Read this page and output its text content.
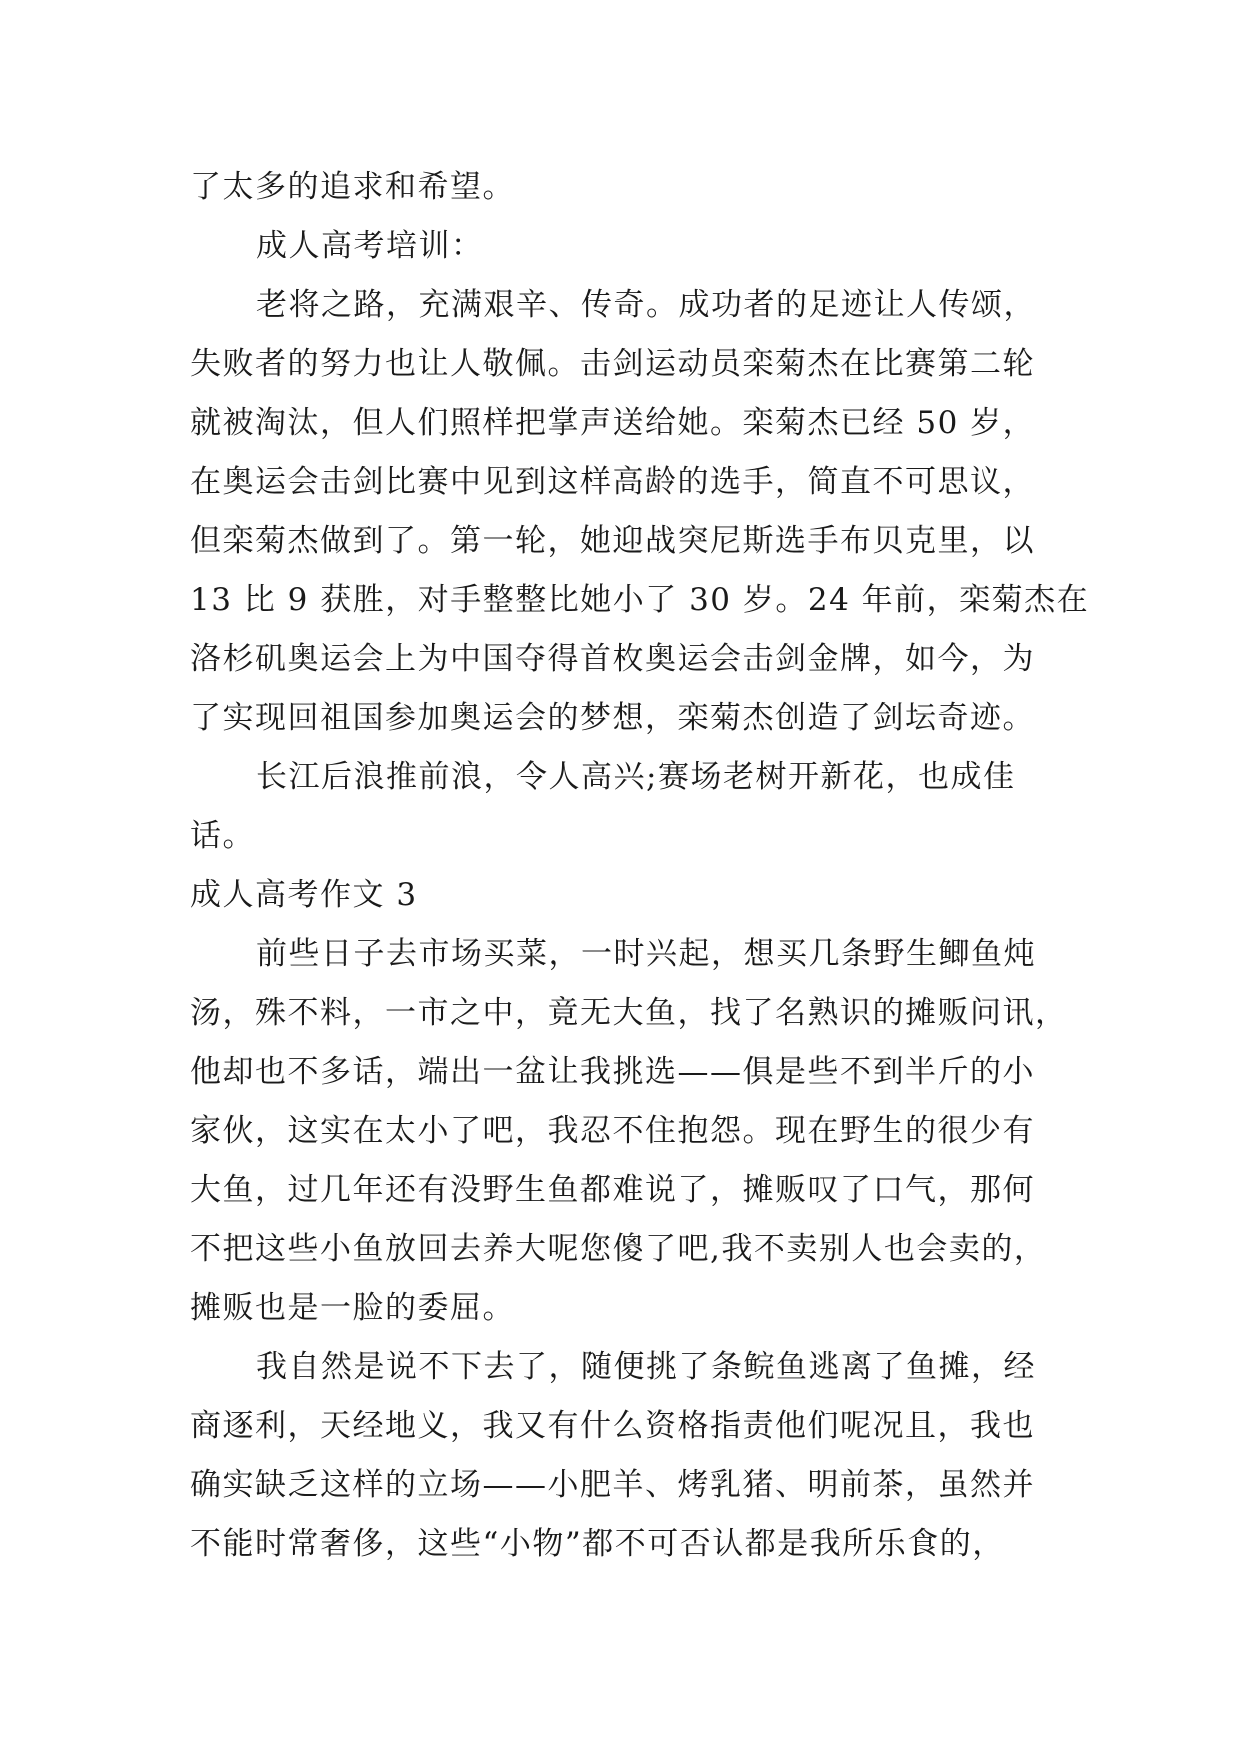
了太多的追求和希望。
成人高考培训：
老将之路，充满艰辛、传奇。成功者的足迹让人传颂，
失败者的努力也让人敬佩。击剑运动员栾菊杰在比赛第二轮
就被淘汰，但人们照样把掌声送给她。栾菊杰已经 50 岁，
在奥运会击剑比赛中见到这样高龄的选手，简直不可思议，
但栾菊杰做到了。第一轮，她迎战突尼斯选手布贝克里，以
13 比 9 获胜，对手整整比她小了 30 岁。24 年前，栾菊杰在
洛杉矶奥运会上为中国夺得首枚奥运会击剑金牌，如今，为
了实现回祖国参加奥运会的梦想，栾菊杰创造了剑坛奇迹。
长江后浪推前浪，令人高兴;赛场老树开新花，也成佳
话。
成人高考作文 3
前些日子去市场买菜，一时兴起，想买几条野生鲫鱼炖
汤，殊不料，一市之中，竟无大鱼，找了名熟识的摊贩问讯，
他却也不多话，端出一盆让我挑选——俱是些不到半斤的小
家伙，这实在太小了吧，我忍不住抱怨。现在野生的很少有
大鱼，过几年还有没野生鱼都难说了，摊贩叹了口气，那何
不把这些小鱼放回去养大呢您傻了吧,我不卖别人也会卖的，
摊贩也是一脸的委屈。
我自然是说不下去了，随便挑了条鲩鱼逃离了鱼摊，经
商逐利，天经地义，我又有什么资格指责他们呢况且，我也
确实缺乏这样的立场——小肥羊、烤乳猪、明前茶，虽然并
不能时常奢侈，这些“小物”都不可否认都是我所乐食的，
